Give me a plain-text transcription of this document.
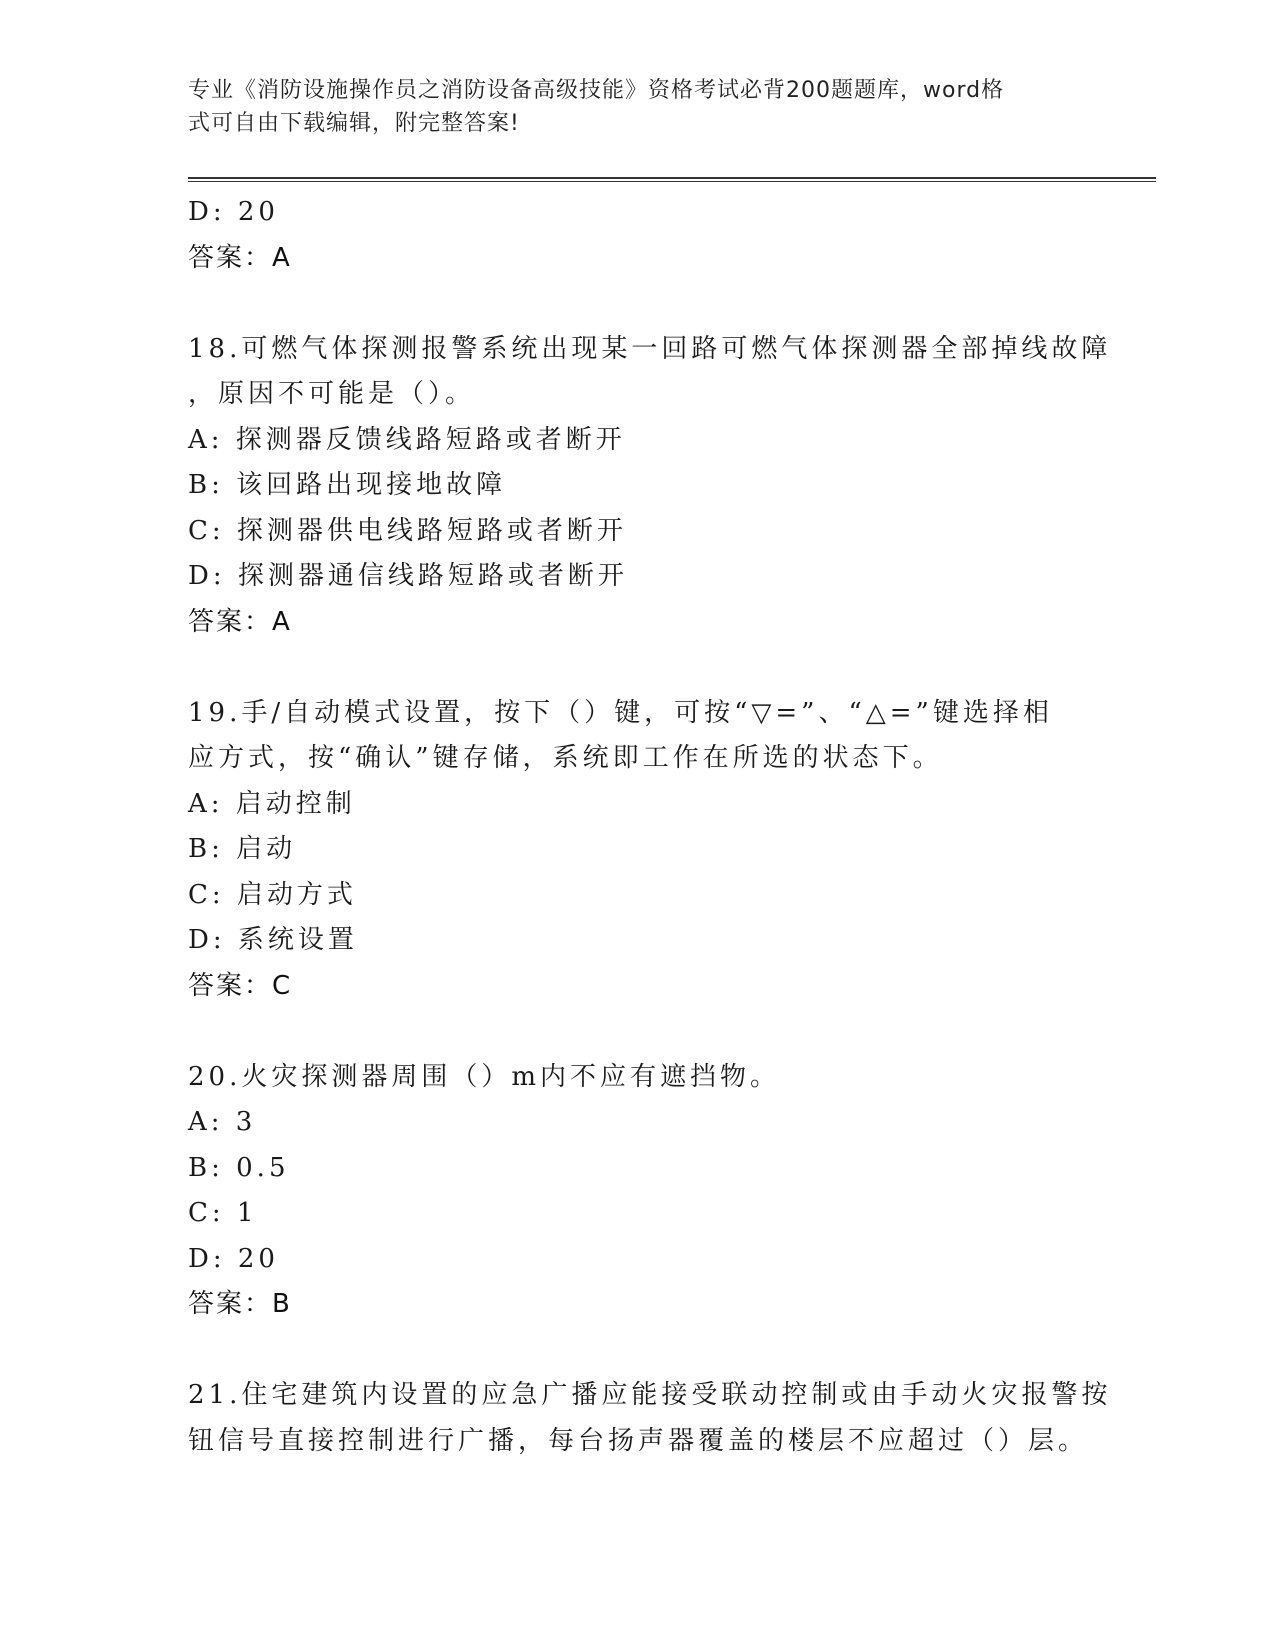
专业《消防设施操作员之消防设备高级技能》资格考试必背200题题库，word格
式可自由下载编辑，附完整答案!
D: 20
答案：A
18.可燃气体探测报警系统出现某一回路可燃气体探测器全部掉线故障
，原因不可能是（）。
A: 探测器反馈线路短路或者断开
B: 该回路出现接地故障
C: 探测器供电线路短路或者断开
D: 探测器通信线路短路或者断开
答案：A
19.手/自动模式设置，按下（）键，可按“▽=”、“△=”键选择相
应方式，按“确认”键存储，系统即工作在所选的状态下。
A: 启动控制
B: 启动
C: 启动方式
D: 系统设置
答案：C
20.火灾探测器周围（）m内不应有遮挡物。
A: 3
B: 0.5
C: 1
D: 20
答案：B
21.住宅建筑内设置的应急广播应能接受联动控制或由手动火灾报警按
钮信号直接控制进行广播，每台扬声器覆盖的楼层不应超过（）层。
